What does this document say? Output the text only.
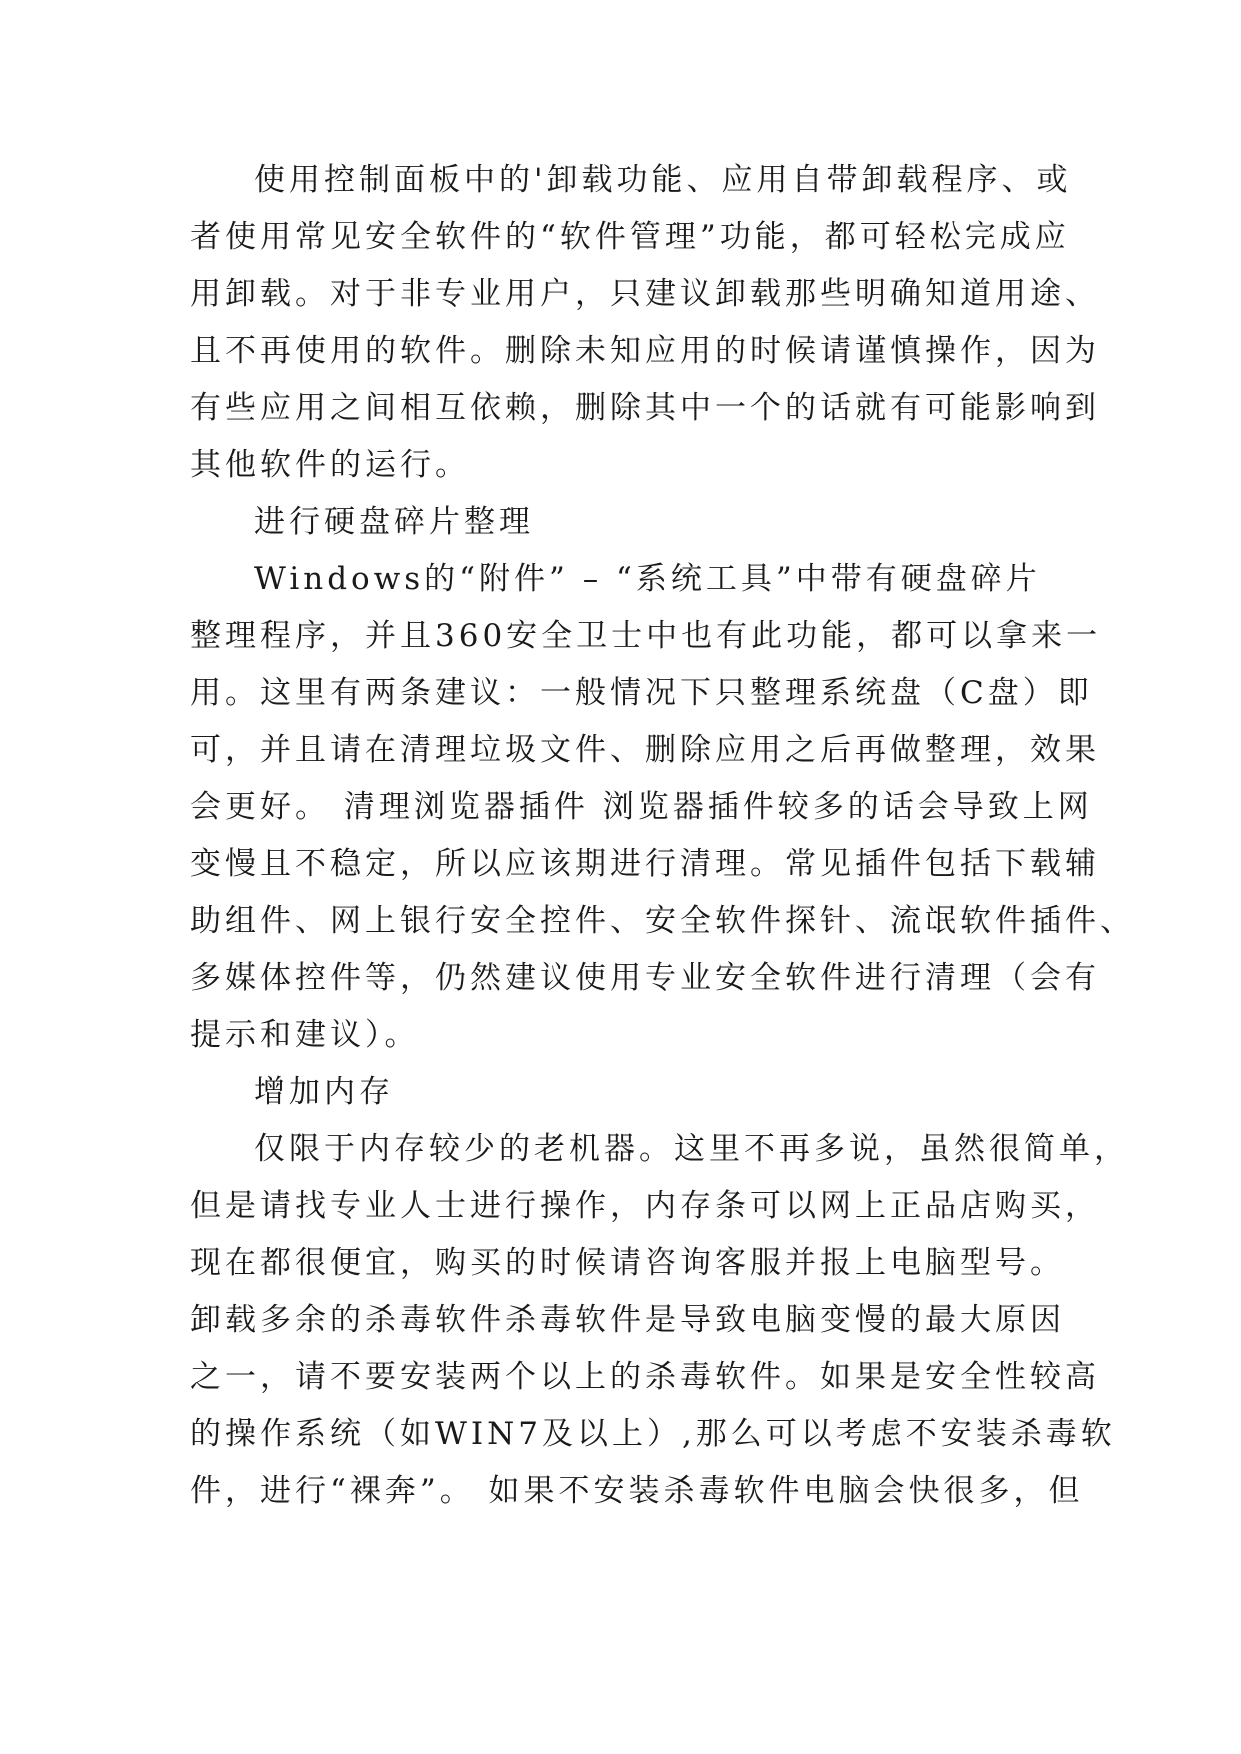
使用控制面板中的'卸载功能、应用自带卸载程序、或
者使用常见安全软件的“软件管理”功能，都可轻松完成应
用卸载。对于非专业用户，只建议卸载那些明确知道用途、
且不再使用的软件。删除未知应用的时候请谨慎操作，因为
有些应用之间相互依赖，删除其中一个的话就有可能影响到
其他软件的运行。
进行硬盘碎片整理
Windows的“附件” – “系统工具”中带有硬盘碎片
整理程序，并且360安全卫士中也有此功能，都可以拿来一
用。这里有两条建议：一般情况下只整理系统盘（C盘）即
可，并且请在清理垃圾文件、删除应用之后再做整理，效果
会更好。 清理浏览器插件 浏览器插件较多的话会导致上网
变慢且不稳定，所以应该期进行清理。常见插件包括下载辅
助组件、网上银行安全控件、安全软件探针、流氓软件插件、
多媒体控件等，仍然建议使用专业安全软件进行清理（会有
提示和建议）。
增加内存
仅限于内存较少的老机器。这里不再多说，虽然很简单，
但是请找专业人士进行操作，内存条可以网上正品店购买，
现在都很便宜，购买的时候请咨询客服并报上电脑型号。
卸载多余的杀毒软件杀毒软件是导致电脑变慢的最大原因
之一，请不要安装两个以上的杀毒软件。如果是安全性较高
的操作系统（如WIN7及以上）,那么可以考虑不安装杀毒软
件，进行“裸奔”。 如果不安装杀毒软件电脑会快很多，但
